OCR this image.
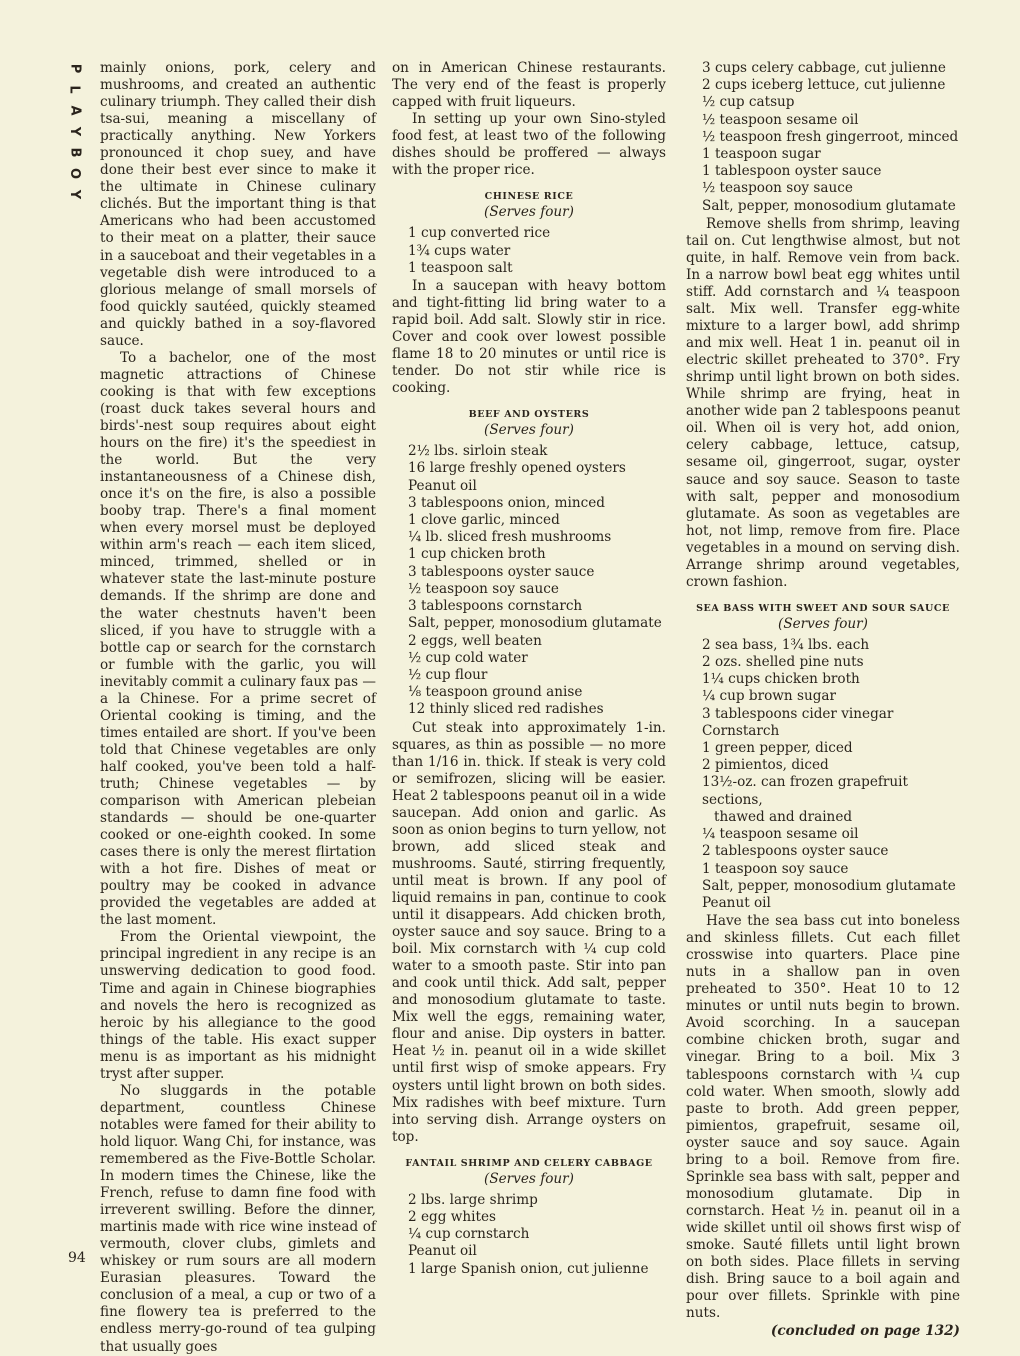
P
L
A
Y
B
O
Y

mainly onions, pork, celery and mushrooms, and created an authentic culinary triumph. They called their dish tsa-sui, meaning a miscellany of practically anything. New Yorkers pronounced it chop suey, and have done their best ever since to make it the ultimate in Chinese culinary clichés. But the important thing is that Americans who had been accustomed to their meat on a platter, their sauce in a sauceboat and their vegetables in a vegetable dish were introduced to a glorious melange of small morsels of food quickly sautéed, quickly steamed and quickly bathed in a soy-flavored sauce.

To a bachelor, one of the most magnetic attractions of Chinese cooking is that with few exceptions (roast duck takes several hours and birds'-nest soup requires about eight hours on the fire) it's the speediest in the world. But the very instantaneousness of a Chinese dish, once it's on the fire, is also a possible booby trap. There's a final moment when every morsel must be deployed within arm's reach — each item sliced, minced, trimmed, shelled or in whatever state the last-minute posture demands. If the shrimp are done and the water chestnuts haven't been sliced, if you have to struggle with a bottle cap or search for the cornstarch or fumble with the garlic, you will inevitably commit a culinary faux pas — a la Chinese. For a prime secret of Oriental cooking is timing, and the times entailed are short. If you've been told that Chinese vegetables are only half cooked, you've been told a half-truth; Chinese vegetables — by comparison with American plebeian standards — should be one-quarter cooked or one-eighth cooked. In some cases there is only the merest flirtation with a hot fire. Dishes of meat or poultry may be cooked in advance provided the vegetables are added at the last moment.

From the Oriental viewpoint, the principal ingredient in any recipe is an unswerving dedication to good food. Time and again in Chinese biographies and novels the hero is recognized as heroic by his allegiance to the good things of the table. His exact supper menu is as important as his midnight tryst after supper.

No sluggards in the potable department, countless Chinese notables were famed for their ability to hold liquor. Wang Chi, for instance, was remembered as the Five-Bottle Scholar. In modern times the Chinese, like the French, refuse to damn fine food with irreverent swilling. Before the dinner, martinis made with rice wine instead of vermouth, clover clubs, gimlets and whiskey or rum sours are all modern Eurasian pleasures. Toward the conclusion of a meal, a cup or two of a fine flowery tea is preferred to the endless merry-go-round of tea gulping that usually goes

on in American Chinese restaurants. The very end of the feast is properly capped with fruit liqueurs.

In setting up your own Sino-styled food fest, at least two of the following dishes should be proffered — always with the proper rice.

CHINESE RICE
(Serves four)
1 cup converted rice
1¾ cups water
1 teaspoon salt

In a saucepan with heavy bottom and tight-fitting lid bring water to a rapid boil. Add salt. Slowly stir in rice. Cover and cook over lowest possible flame 18 to 20 minutes or until rice is tender. Do not stir while rice is cooking.

BEEF AND OYSTERS
(Serves four)
2½ lbs. sirloin steak
16 large freshly opened oysters
Peanut oil
3 tablespoons onion, minced
1 clove garlic, minced
¼ lb. sliced fresh mushrooms
1 cup chicken broth
3 tablespoons oyster sauce
½ teaspoon soy sauce
3 tablespoons cornstarch
Salt, pepper, monosodium glutamate
2 eggs, well beaten
½ cup cold water
½ cup flour
⅛ teaspoon ground anise
12 thinly sliced red radishes

Cut steak into approximately 1-in. squares, as thin as possible — no more than 1/16 in. thick. If steak is very cold or semifrozen, slicing will be easier. Heat 2 tablespoons peanut oil in a wide saucepan. Add onion and garlic. As soon as onion begins to turn yellow, not brown, add sliced steak and mushrooms. Sauté, stirring frequently, until meat is brown. If any pool of liquid remains in pan, continue to cook until it disappears. Add chicken broth, oyster sauce and soy sauce. Bring to a boil. Mix cornstarch with ¼ cup cold water to a smooth paste. Stir into pan and cook until thick. Add salt, pepper and monosodium glutamate to taste. Mix well the eggs, remaining water, flour and anise. Dip oysters in batter. Heat ½ in. peanut oil in a wide skillet until first wisp of smoke appears. Fry oysters until light brown on both sides. Mix radishes with beef mixture. Turn into serving dish. Arrange oysters on top.

FANTAIL SHRIMP AND CELERY CABBAGE
(Serves four)
2 lbs. large shrimp
2 egg whites
¼ cup cornstarch
Peanut oil
1 large Spanish onion, cut julienne
3 cups celery cabbage, cut julienne
2 cups iceberg lettuce, cut julienne
½ cup catsup
½ teaspoon sesame oil
½ teaspoon fresh gingerroot, minced
1 teaspoon sugar
1 tablespoon oyster sauce
½ teaspoon soy sauce
Salt, pepper, monosodium glutamate

Remove shells from shrimp, leaving tail on. Cut lengthwise almost, but not quite, in half. Remove vein from back. In a narrow bowl beat egg whites until stiff. Add cornstarch and ¼ teaspoon salt. Mix well. Transfer egg-white mixture to a larger bowl, add shrimp and mix well. Heat 1 in. peanut oil in electric skillet preheated to 370°. Fry shrimp until light brown on both sides. While shrimp are frying, heat in another wide pan 2 tablespoons peanut oil. When oil is very hot, add onion, celery cabbage, lettuce, catsup, sesame oil, gingerroot, sugar, oyster sauce and soy sauce. Season to taste with salt, pepper and monosodium glutamate. As soon as vegetables are hot, not limp, remove from fire. Place vegetables in a mound on serving dish. Arrange shrimp around vegetables, crown fashion.

SEA BASS WITH SWEET AND SOUR SAUCE
(Serves four)
2 sea bass, 1¾ lbs. each
2 ozs. shelled pine nuts
1¼ cups chicken broth
¼ cup brown sugar
3 tablespoons cider vinegar
Cornstarch
1 green pepper, diced
2 pimientos, diced
13½-oz. can frozen grapefruit sections,
thawed and drained
¼ teaspoon sesame oil
2 tablespoons oyster sauce
1 teaspoon soy sauce
Salt, pepper, monosodium glutamate
Peanut oil

Have the sea bass cut into boneless and skinless fillets. Cut each fillet crosswise into quarters. Place pine nuts in a shallow pan in oven preheated to 350°. Heat 10 to 12 minutes or until nuts begin to brown. Avoid scorching. In a saucepan combine chicken broth, sugar and vinegar. Bring to a boil. Mix 3 tablespoons cornstarch with ¼ cup cold water. When smooth, slowly add paste to broth. Add green pepper, pimientos, grapefruit, sesame oil, oyster sauce and soy sauce. Again bring to a boil. Remove from fire. Sprinkle sea bass with salt, pepper and monosodium glutamate. Dip in cornstarch. Heat ½ in. peanut oil in a wide skillet until oil shows first wisp of smoke. Sauté fillets until light brown on both sides. Place fillets in serving dish. Bring sauce to a boil again and pour over fillets. Sprinkle with pine nuts.

(concluded on page 132)
94
